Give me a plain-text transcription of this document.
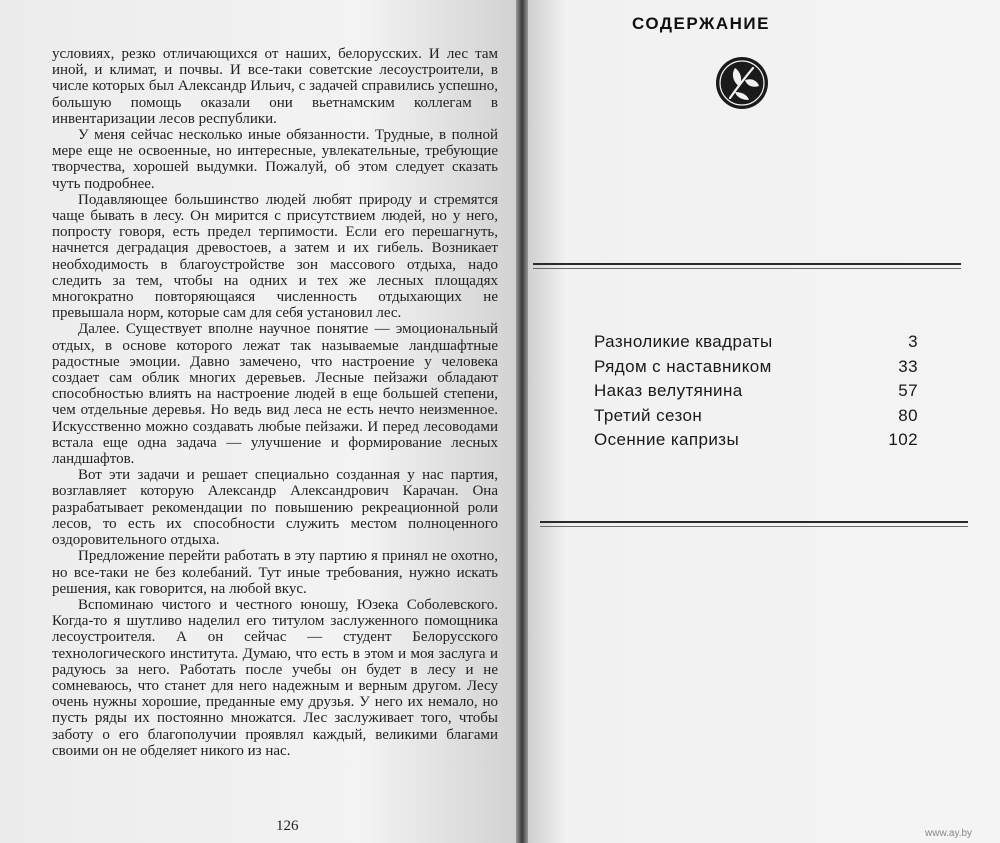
условиях, резко отличающихся от наших, белорусских. И лес там иной, и климат, и почвы. И все-таки советские лесоустроители, в числе которых был Александр Ильич, с задачей справились успешно, большую помощь оказали они вьетнамским коллегам в инвентаризации лесов республики.

У меня сейчас несколько иные обязанности. Трудные, в полной мере еще не освоенные, но интересные, увлекательные, требующие творчества, хорошей выдумки. Пожалуй, об этом следует сказать чуть подробнее.

Подавляющее большинство людей любят природу и стремятся чаще бывать в лесу. Он мирится с присутствием людей, но у него, попросту говоря, есть предел терпимости. Если его перешагнуть, начнется деградация древостоев, а затем и их гибель. Возникает необходимость в благоустройстве зон массового отдыха, надо следить за тем, чтобы на одних и тех же лесных площадях многократно повторяющаяся численность отдыхающих не превышала норм, которые сам для себя установил лес.

Далее. Существует вполне научное понятие — эмоциональный отдых, в основе которого лежат так называемые ландшафтные радостные эмоции. Давно замечено, что настроение у человека создает сам облик многих деревьев. Лесные пейзажи обладают способностью влиять на настроение людей в еще большей степени, чем отдельные деревья. Но ведь вид леса не есть нечто неизменное. Искусственно можно создавать любые пейзажи. И перед лесоводами встала еще одна задача — улучшение и формирование лесных ландшафтов.

Вот эти задачи и решает специально созданная у нас партия, возглавляет которую Александр Александрович Карачан. Она разрабатывает рекомендации по повышению рекреационной роли лесов, то есть их способности служить местом полноценного оздоровительного отдыха.

Предложение перейти работать в эту партию я принял не охотно, но все-таки не без колебаний. Тут иные требования, нужно искать решения, как говорится, на любой вкус.

Вспоминаю чистого и честного юношу, Юзека Соболевского. Когда-то я шутливо наделил его титулом заслуженного помощника лесоустроителя. А он сейчас — студент Белорусского технологического института. Думаю, что есть в этом и моя заслуга и радуюсь за него. Работать после учебы он будет в лесу и не сомневаюсь, что станет для него надежным и верным другом. Лесу очень нужны хорошие, преданные ему друзья. У него их немало, но пусть ряды их постоянно множатся. Лес заслуживает того, чтобы заботу о его благополучии проявлял каждый, великими благами своими он не обделяет никого из нас.

126
СОДЕРЖАНИЕ
Разноликие квадраты	3
Рядом с наставником	33
Наказ велутянина	57
Третий сезон	80
Осенние капризы	102
www.ay.by
